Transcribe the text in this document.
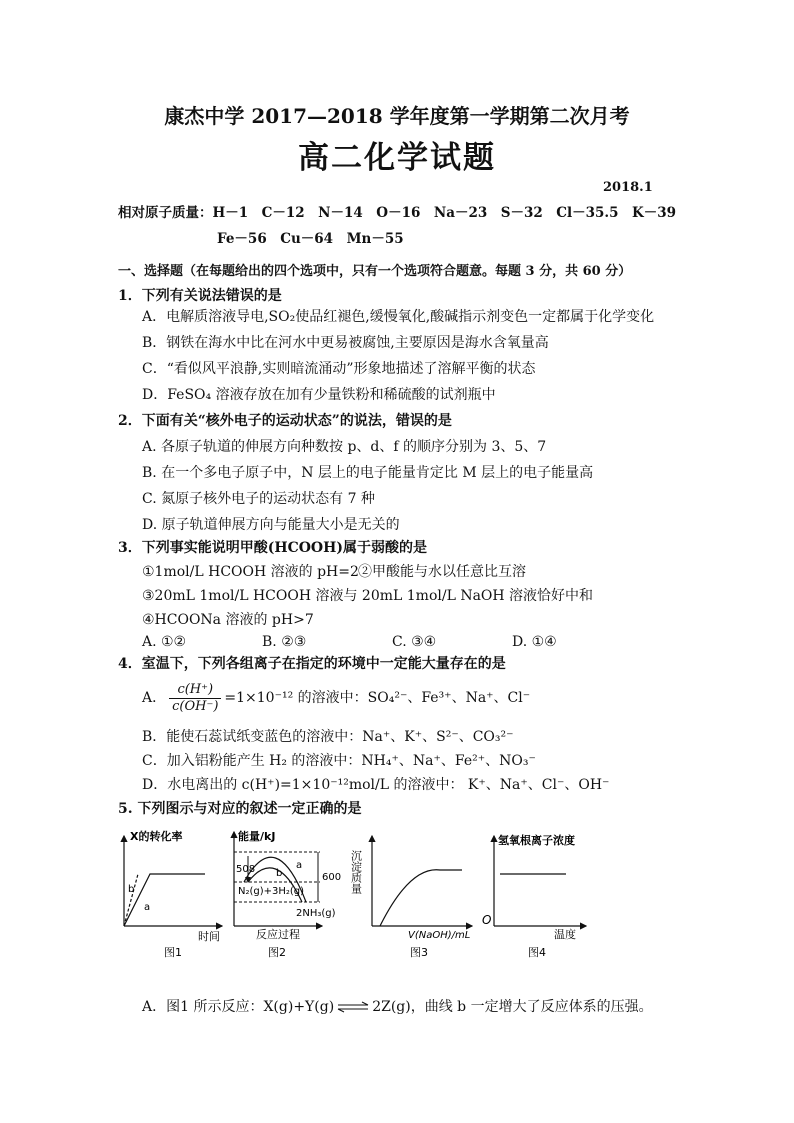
康杰中学 2017—2018 学年度第一学期第二次月考
高二化学试题
2018.1
相对原子质量：H－1　C－12　N－14　O－16　Na－23　S－32　Cl－35.5　K－39
Fe－56　Cu－64　Mn－55
一、选择题（在每题给出的四个选项中，只有一个选项符合题意。每题 3 分，共 60 分）
1．下列有关说法错误的是
A．电解质溶液导电,SO₂使品红褪色,缓慢氧化,酸碱指示剂变色一定都属于化学变化
B．钢铁在海水中比在河水中更易被腐蚀,主要原因是海水含氧量高
C．“看似风平浪静,实则暗流涌动”形象地描述了溶解平衡的状态
D．FeSO₄ 溶液存放在加有少量铁粉和稀硫酸的试剂瓶中
2．下面有关“核外电子的运动状态”的说法，错误的是
A. 各原子轨道的伸展方向种数按 p、d、f 的顺序分别为 3、5、7
B. 在一个多电子原子中，N 层上的电子能量肯定比 M 层上的电子能量高
C. 氮原子核外电子的运动状态有 7 种
D. 原子轨道伸展方向与能量大小是无关的
3．下列事实能说明甲酸(HCOOH)属于弱酸的是
①1mol/L HCOOH 溶液的 pH=2 ②甲酸能与水以任意比互溶
③20mL 1mol/L HCOOH 溶液与 20mL 1mol/L NaOH 溶液恰好中和
④HCOONa 溶液的 pH>7
A. ①②	B. ②③	C. ③④	D. ①④
4．室温下，下列各组离子在指定的环境中一定能大量存在的是
A． $\frac{c(H^+)}{c(OH^-)} =1\times 10^{-12}$ 的溶液中：SO₄²⁻、Fe³⁺、Na⁺、Cl⁻
B．能使石蕊试纸变蓝色的溶液中：Na⁺、K⁺、S²⁻、CO₃²⁻
C．加入铝粉能产生 H₂ 的溶液中：NH₄⁺、Na⁺、Fe²⁺、NO₃⁻
D．水电离出的 c(H⁺)=1×10⁻¹²mol/L 的溶液中： K⁺、Na⁺、Cl⁻、OH⁻
5. 下列图示与对应的叙述一定正确的是
X的转化率
时间
a
b
图1
能量/kJ
508
600
a
b
N₂(g)+3H₂(g)
2NH₃(g)
反应过程
图2
沉淀质量
V(NaOH)/mL
图3
氢氧根离子浓度
O
温度
图4
A．图1 所示反应：X(g)+Y(g) ⇌ 2Z(g)，曲线 b 一定增大了反应体系的压强。
